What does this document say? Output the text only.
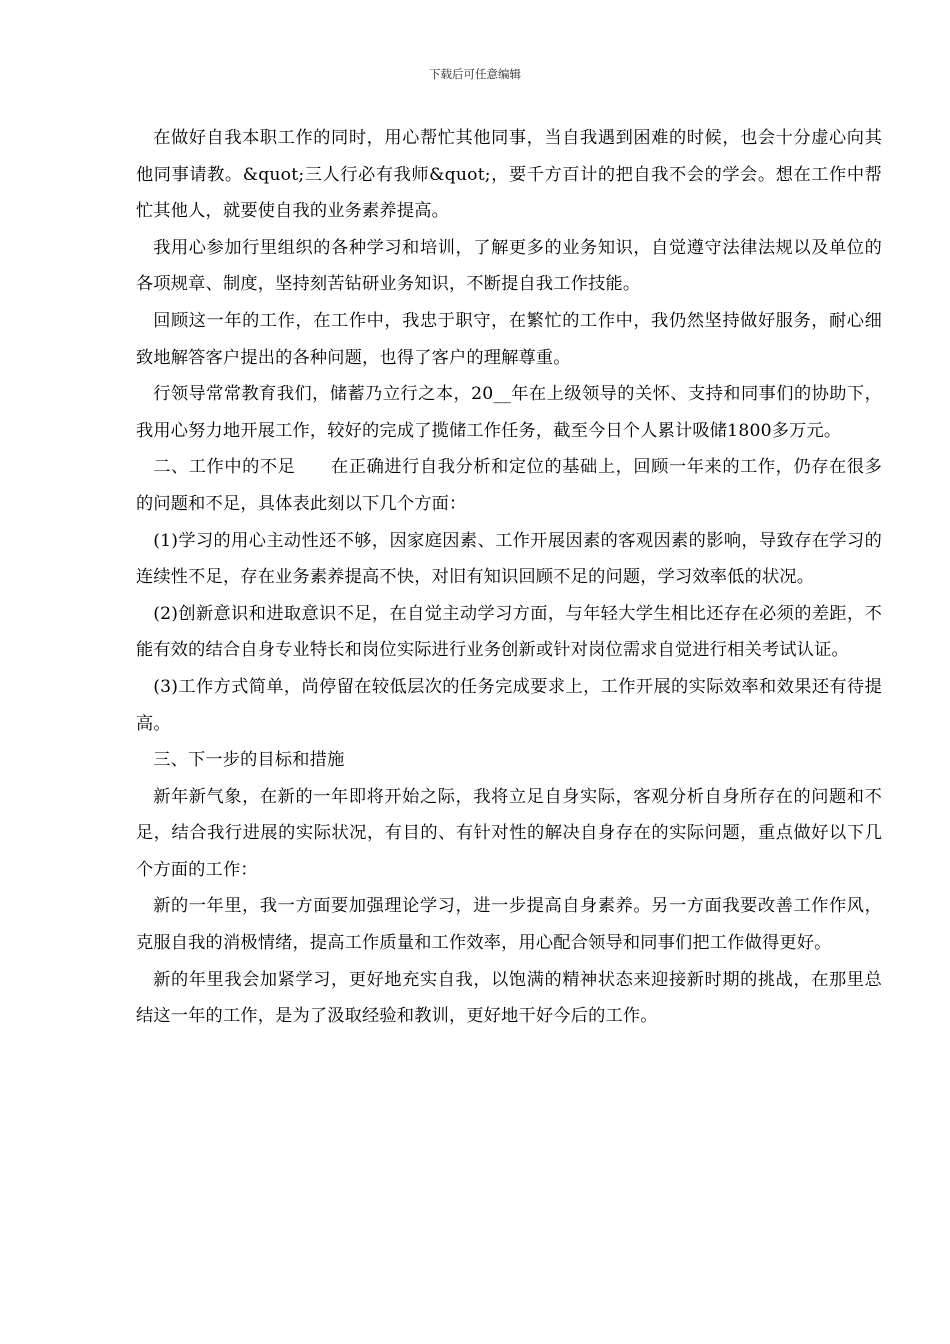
下载后可任意编辑

在做好自我本职工作的同时，用心帮忙其他同事，当自我遇到困难的时候，也会十分虚心向其他同事请教。&quot;三人行必有我师&quot;，要千方百计的把自我不会的学会。想在工作中帮忙其他人，就要使自我的业务素养提高。

我用心参加行里组织的各种学习和培训，了解更多的业务知识，自觉遵守法律法规以及单位的各项规章、制度，坚持刻苦钻研业务知识，不断提自我工作技能。

回顾这一年的工作，在工作中，我忠于职守，在繁忙的工作中，我仍然坚持做好服务，耐心细致地解答客户提出的各种问题，也得了客户的理解尊重。

行领导常常教育我们，储蓄乃立行之本，20__年在上级领导的关怀、支持和同事们的协助下，我用心努力地开展工作，较好的完成了揽储工作任务，截至今日个人累计吸储1800多万元。

二、工作中的不足　　在正确进行自我分析和定位的基础上，回顾一年来的工作，仍存在很多的问题和不足，具体表此刻以下几个方面：

(1)学习的用心主动性还不够，因家庭因素、工作开展因素的客观因素的影响，导致存在学习的连续性不足，存在业务素养提高不快，对旧有知识回顾不足的问题，学习效率低的状况。

(2)创新意识和进取意识不足，在自觉主动学习方面，与年轻大学生相比还存在必须的差距，不能有效的结合自身专业特长和岗位实际进行业务创新或针对岗位需求自觉进行相关考试认证。

(3)工作方式简单，尚停留在较低层次的任务完成要求上，工作开展的实际效率和效果还有待提高。

三、下一步的目标和措施

新年新气象，在新的一年即将开始之际，我将立足自身实际，客观分析自身所存在的问题和不足，结合我行进展的实际状况，有目的、有针对性的解决自身存在的实际问题，重点做好以下几个方面的工作：

新的一年里，我一方面要加强理论学习，进一步提高自身素养。另一方面我要改善工作作风，克服自我的消极情绪，提高工作质量和工作效率，用心配合领导和同事们把工作做得更好。

新的年里我会加紧学习，更好地充实自我，以饱满的精神状态来迎接新时期的挑战，在那里总结这一年的工作，是为了汲取经验和教训，更好地干好今后的工作。
